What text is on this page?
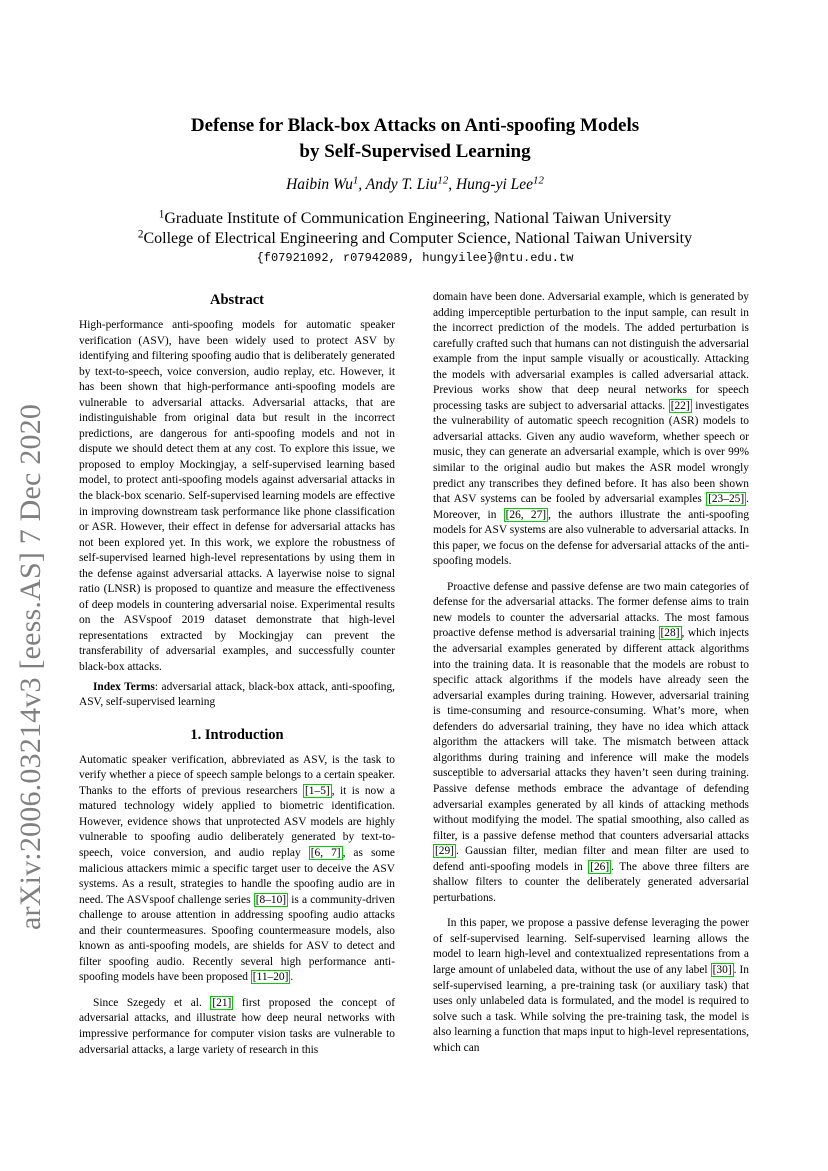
arXiv:2006.03214v3 [eess.AS] 7 Dec 2020
Defense for Black-box Attacks on Anti-spoofing Models
by Self-Supervised Learning
Haibin Wu$^1$, Andy T. Liu$^{12}$, Hung-yi Lee$^{12}$
$^1$Graduate Institute of Communication Engineering, National Taiwan University
$^2$College of Electrical Engineering and Computer Science, National Taiwan University
{f07921092, r07942089, hungyilee}@ntu.edu.tw
Abstract

High-performance anti-spoofing models for automatic speaker verification (ASV), have been widely used to protect ASV by identifying and filtering spoofing audio that is deliberately generated by text-to-speech, voice conversion, audio replay, etc. However, it has been shown that high-performance anti-spoofing models are vulnerable to adversarial attacks. Adversarial attacks, that are indistinguishable from original data but result in the incorrect predictions, are dangerous for anti-spoofing models and not in dispute we should detect them at any cost. To explore this issue, we proposed to employ Mockingjay, a self-supervised learning based model, to protect anti-spoofing models against adversarial attacks in the black-box scenario. Self-supervised learning models are effective in improving downstream task performance like phone classification or ASR. However, their effect in defense for adversarial attacks has not been explored yet. In this work, we explore the robustness of self-supervised learned high-level representations by using them in the defense against adversarial attacks. A layerwise noise to signal ratio (LNSR) is proposed to quantize and measure the effectiveness of deep models in countering adversarial noise. Experimental results on the ASVspoof 2019 dataset demonstrate that high-level representations extracted by Mockingjay can prevent the transferability of adversarial examples, and successfully counter black-box attacks.

Index Terms: adversarial attack, black-box attack, anti-spoofing, ASV, self-supervised learning

1. Introduction

Automatic speaker verification, abbreviated as ASV, is the task to verify whether a piece of speech sample belongs to a certain speaker. Thanks to the efforts of previous researchers [1–5] , it is now a matured technology widely applied to biometric identification. However, evidence shows that unprotected ASV models are highly vulnerable to spoofing audio deliberately generated by text-to-speech, voice conversion, and audio replay [6, 7] , as some malicious attackers mimic a specific target user to deceive the ASV systems. As a result, strategies to handle the spoofing audio are in need. The ASVspoof challenge series [8–10] is a community-driven challenge to arouse attention in addressing spoofing audio attacks and their countermeasures. Spoofing countermeasure models, also known as anti-spoofing models, are shields for ASV to detect and filter spoofing audio. Recently several high performance anti-spoofing models have been proposed [11–20] .

Since Szegedy et al. [21] first proposed the concept of adversarial attacks, and illustrate how deep neural networks with impressive performance for computer vision tasks are vulnerable to adversarial attacks, a large variety of research in this

domain have been done. Adversarial example, which is generated by adding imperceptible perturbation to the input sample, can result in the incorrect prediction of the models. The added perturbation is carefully crafted such that humans can not distinguish the adversarial example from the input sample visually or acoustically. Attacking the models with adversarial examples is called adversarial attack. Previous works show that deep neural networks for speech processing tasks are subject to adversarial attacks. [22] investigates the vulnerability of automatic speech recognition (ASR) models to adversarial attacks. Given any audio waveform, whether speech or music, they can generate an adversarial example, which is over 99% similar to the original audio but makes the ASR model wrongly predict any transcribes they defined before. It has also been shown that ASV systems can be fooled by adversarial examples [23–25] . Moreover, in [26, 27] , the authors illustrate the anti-spoofing models for ASV systems are also vulnerable to adversarial attacks. In this paper, we focus on the defense for adversarial attacks of the anti-spoofing models.

Proactive defense and passive defense are two main categories of defense for the adversarial attacks. The former defense aims to train new models to counter the adversarial attacks. The most famous proactive defense method is adversarial training [28] , which injects the adversarial examples generated by different attack algorithms into the training data. It is reasonable that the models are robust to specific attack algorithms if the models have already seen the adversarial examples during training. However, adversarial training is time-consuming and resource-consuming. What’s more, when defenders do adversarial training, they have no idea which attack algorithm the attackers will take. The mismatch between attack algorithms during training and inference will make the models susceptible to adversarial attacks they haven’t seen during training. Passive defense methods embrace the advantage of defending adversarial examples generated by all kinds of attacking methods without modifying the model. The spatial smoothing, also called as filter, is a passive defense method that counters adversarial attacks [29] . Gaussian filter, median filter and mean filter are used to defend anti-spoofing models in [26] . The above three filters are shallow filters to counter the deliberately generated adversarial perturbations.

In this paper, we propose a passive defense leveraging the power of self-supervised learning. Self-supervised learning allows the model to learn high-level and contextualized representations from a large amount of unlabeled data, without the use of any label [30] . In self-supervised learning, a pre-training task (or auxiliary task) that uses only unlabeled data is formulated, and the model is required to solve such a task. While solving the pre-training task, the model is also learning a function that maps input to high-level representations, which can
